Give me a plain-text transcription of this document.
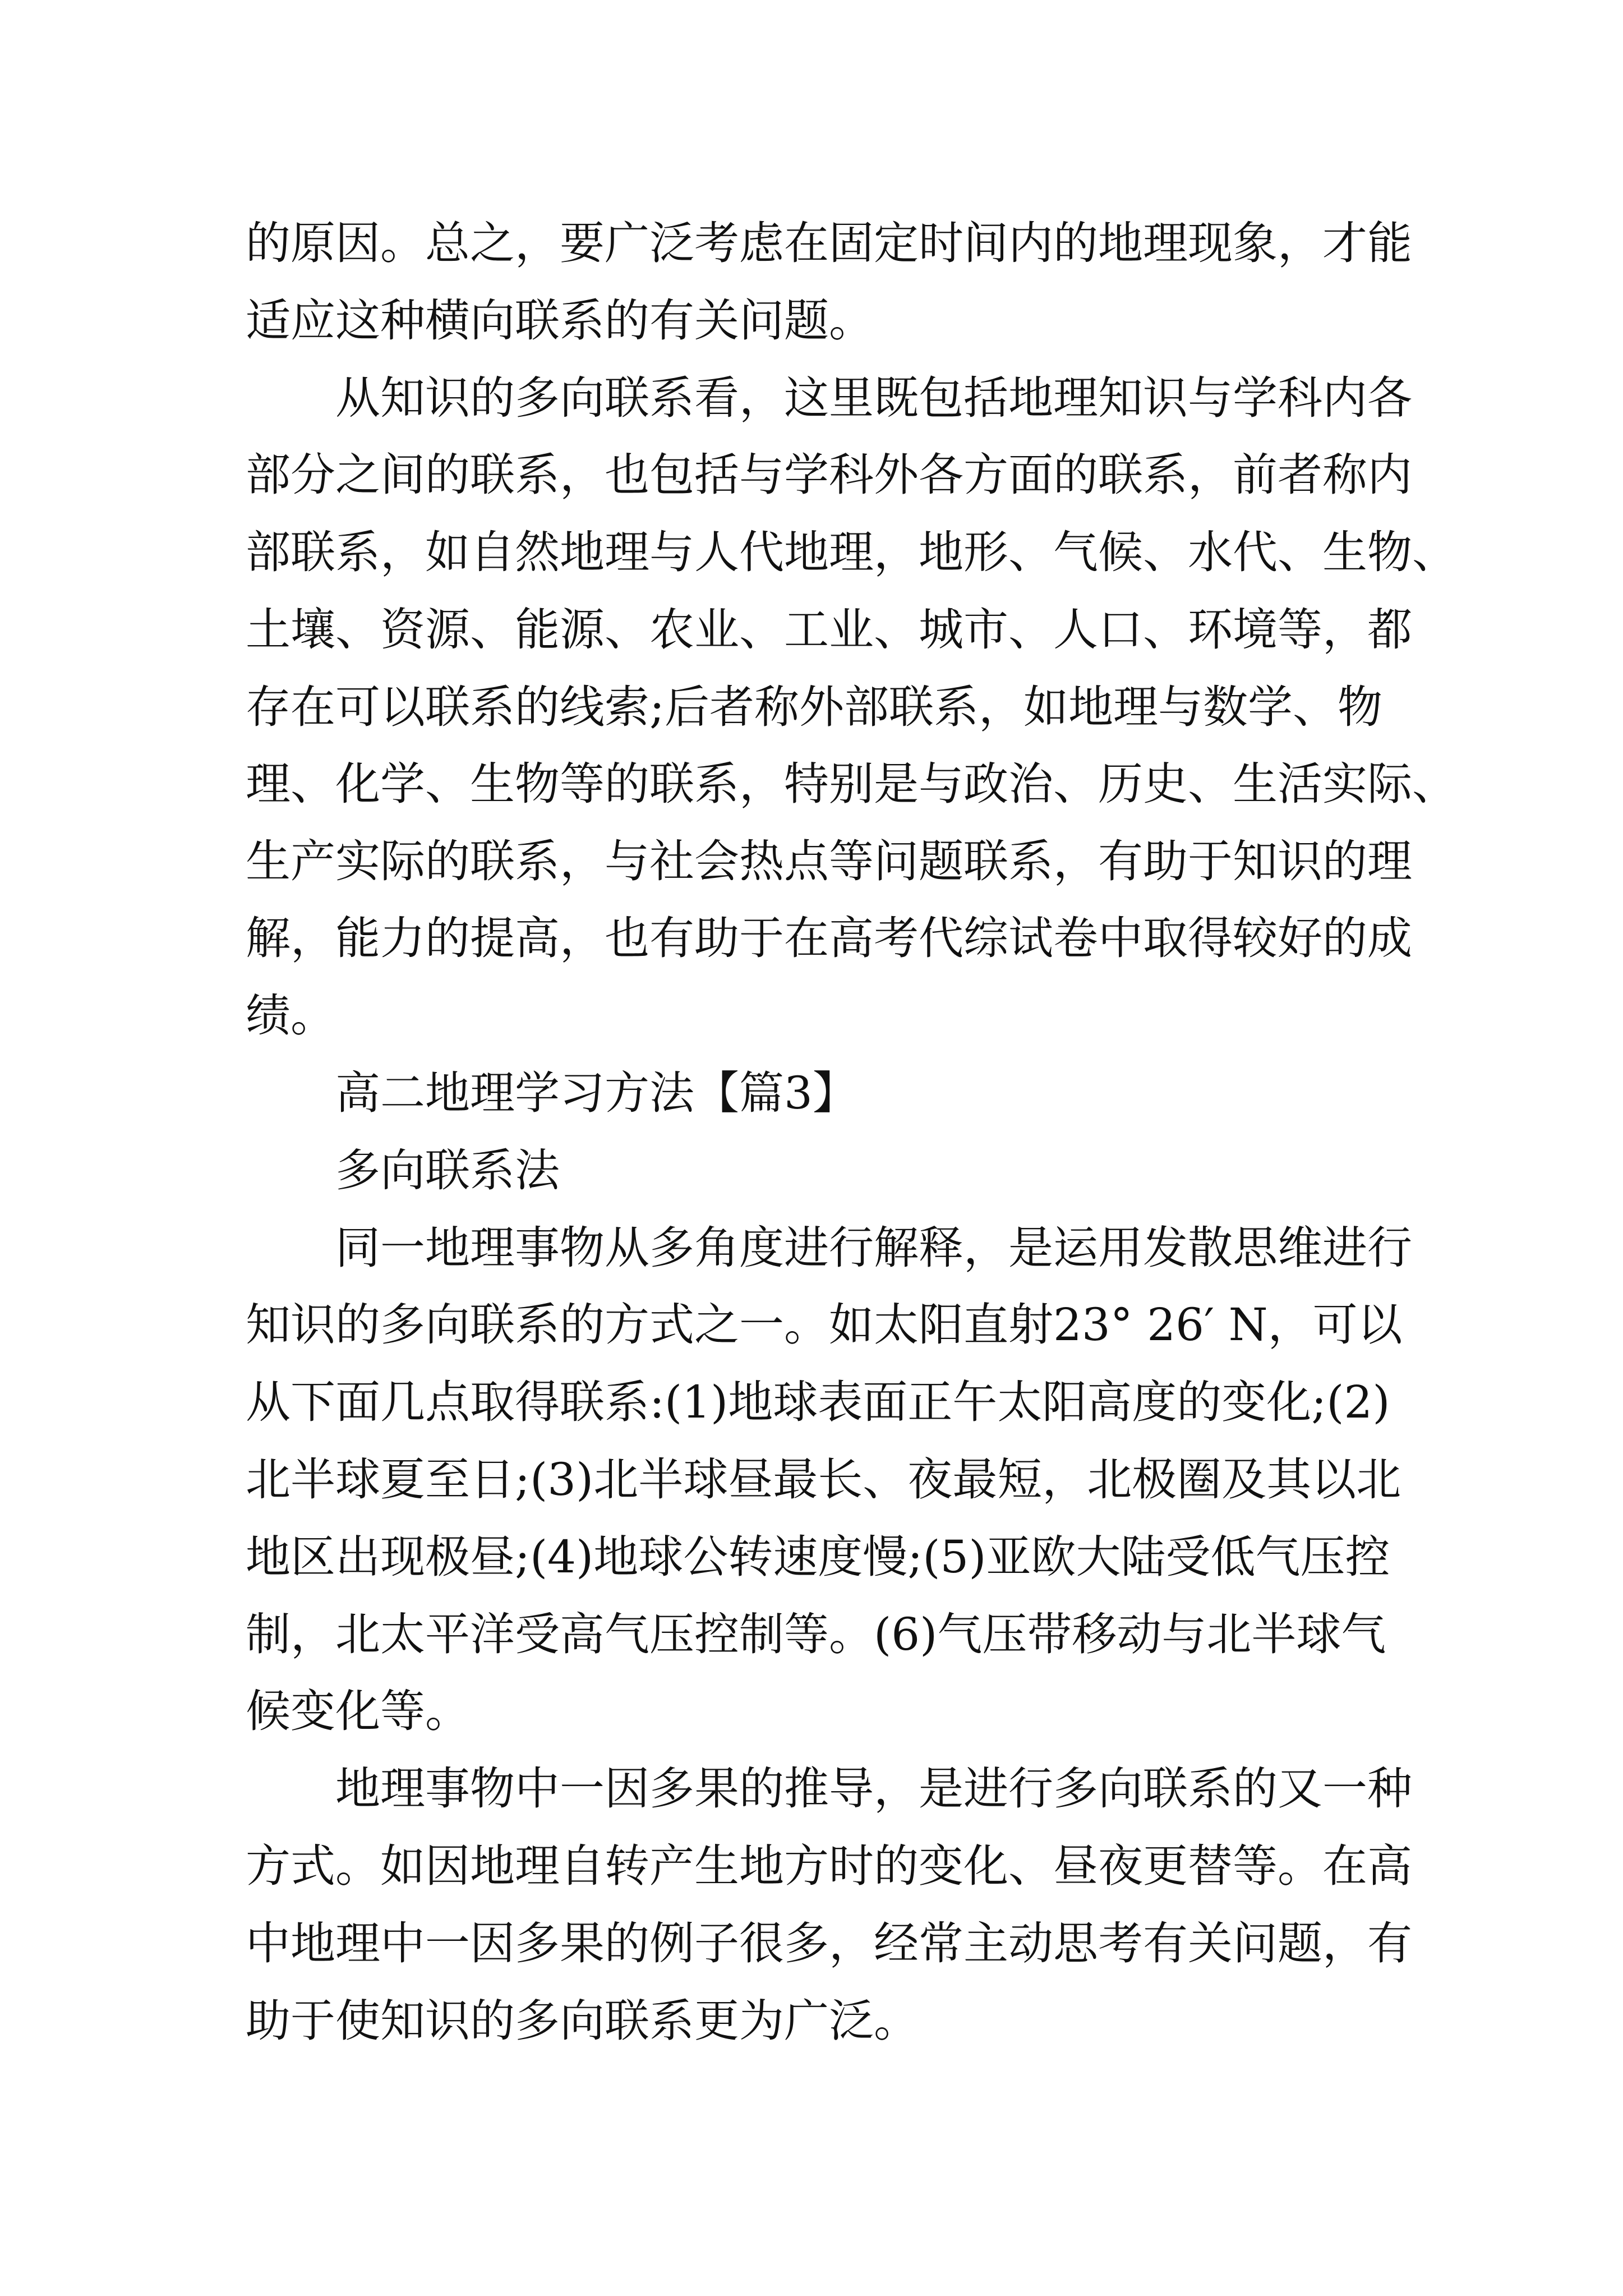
的原因。总之，要广泛考虑在固定时间内的地理现象，才能
适应这种横向联系的有关问题。
从知识的多向联系看，这里既包括地理知识与学科内各
部分之间的联系，也包括与学科外各方面的联系，前者称内
部联系，如自然地理与人代地理，地形、气候、水代、生物、
土壤、资源、能源、农业、工业、城市、人口、环境等，都
存在可以联系的线索;后者称外部联系，如地理与数学、物
理、化学、生物等的联系，特别是与政治、历史、生活实际、
生产实际的联系，与社会热点等问题联系，有助于知识的理
解，能力的提高，也有助于在高考代综试卷中取得较好的成
绩。
高二地理学习方法【篇3】
多向联系法
同一地理事物从多角度进行解释，是运用发散思维进行
知识的多向联系的方式之一。如太阳直射23° 26′ N，可以
从下面几点取得联系:(1)地球表面正午太阳高度的变化;(2)
北半球夏至日;(3)北半球昼最长、夜最短，北极圈及其以北
地区出现极昼;(4)地球公转速度慢;(5)亚欧大陆受低气压控
制，北太平洋受高气压控制等。(6)气压带移动与北半球气
候变化等。
地理事物中一因多果的推导，是进行多向联系的又一种
方式。如因地理自转产生地方时的变化、昼夜更替等。在高
中地理中一因多果的例子很多，经常主动思考有关问题，有
助于使知识的多向联系更为广泛。
